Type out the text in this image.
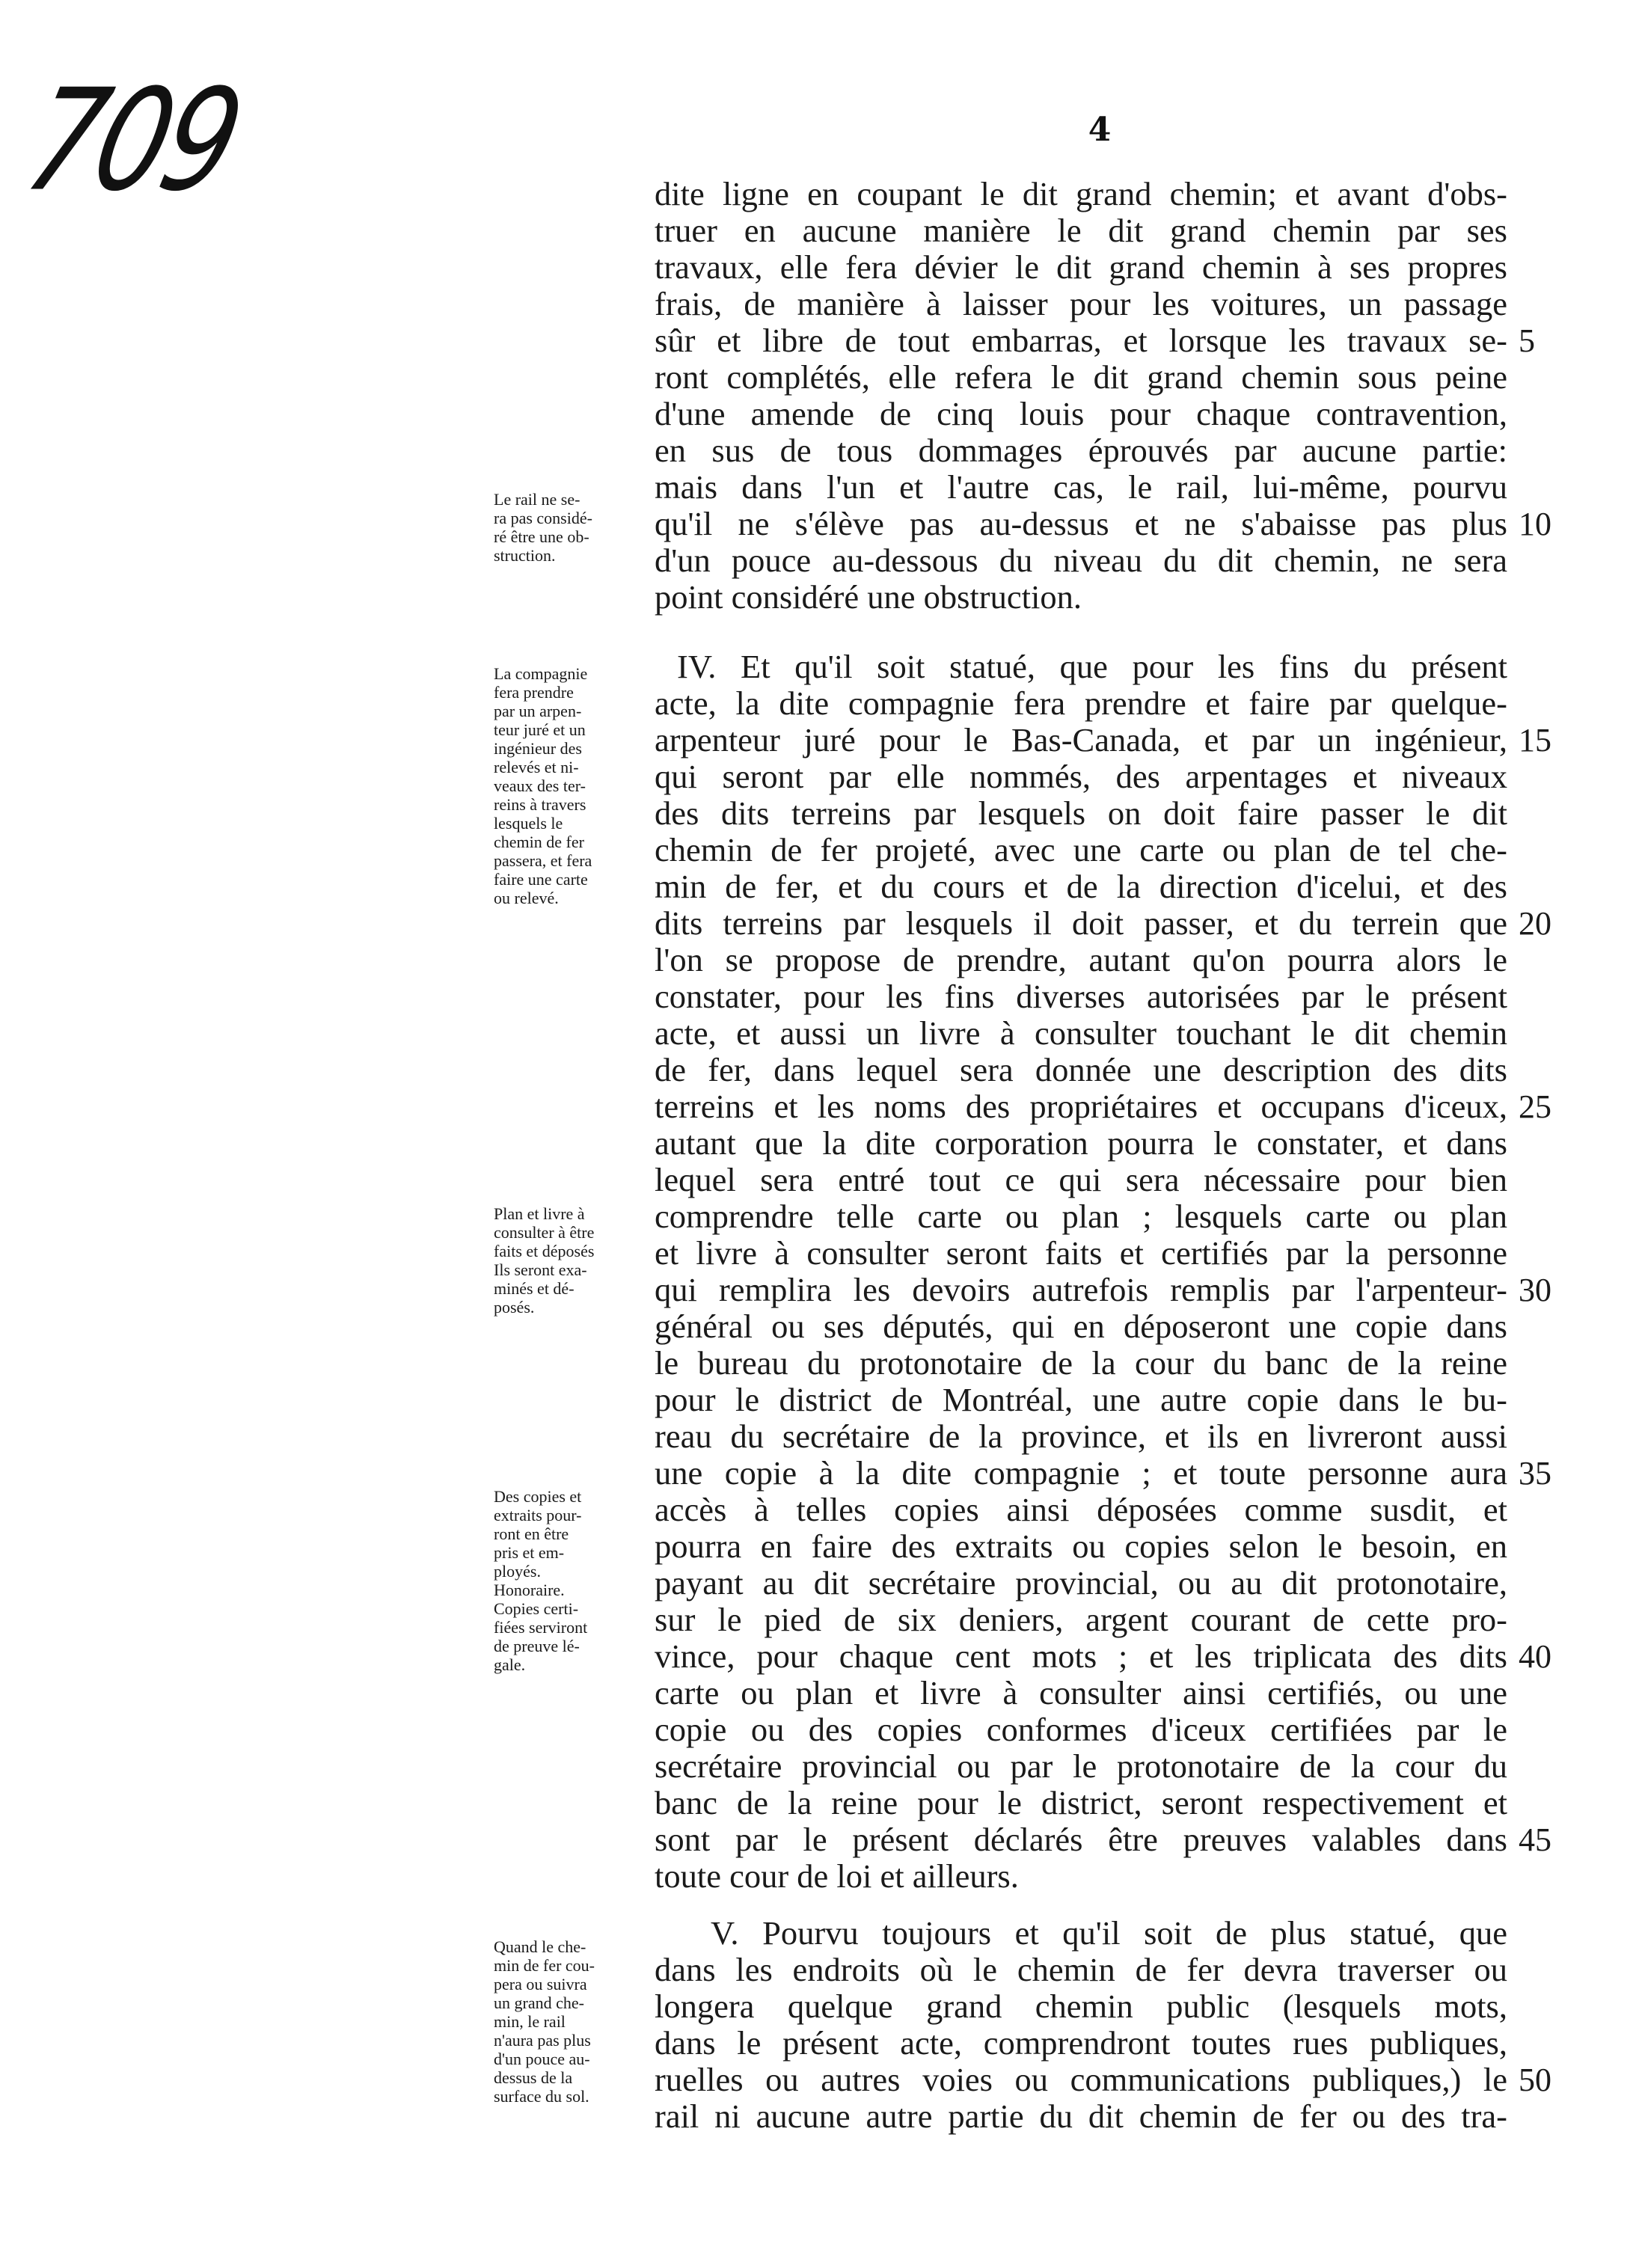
709	4
dite ligne en coupant le dit grand chemin; et avant d'obs-
truer en aucune manière le dit grand chemin par ses
travaux, elle fera dévier le dit grand chemin à ses propres
frais, de manière à laisser pour les voitures, un passage
sûr et libre de tout embarras, et lorsque les travaux se-
ront complétés, elle refera le dit grand chemin sous peine
d'une amende de cinq louis pour chaque contravention,
en sus de tous dommages éprouvés par aucune partie:
mais dans l'un et l'autre cas, le rail, lui-même, pourvu
qu'il ne s'élève pas au-dessus et ne s'abaisse pas plus
d'un pouce au-dessous du niveau du dit chemin, ne sera
point considéré une obstruction.
IV. Et qu'il soit statué, que pour les fins du présent
acte, la dite compagnie fera prendre et faire par quelque-
arpenteur juré pour le Bas-Canada, et par un ingénieur,
qui seront par elle nommés, des arpentages et niveaux
des dits terreins par lesquels on doit faire passer le dit
chemin de fer projeté, avec une carte ou plan de tel che-
min de fer, et du cours et de la direction d'icelui, et des
dits terreins par lesquels il doit passer, et du terrein que
l'on se propose de prendre, autant qu'on pourra alors le
constater, pour les fins diverses autorisées par le présent
acte, et aussi un livre à consulter touchant le dit chemin
de fer, dans lequel sera donnée une description des dits
terreins et les noms des propriétaires et occupans d'iceux,
autant que la dite corporation pourra le constater, et dans
lequel sera entré tout ce qui sera nécessaire pour bien
comprendre telle carte ou plan ; lesquels carte ou plan
et livre à consulter seront faits et certifiés par la personne
qui remplira les devoirs autrefois remplis par l'arpenteur-
général ou ses députés, qui en déposeront une copie dans
le bureau du protonotaire de la cour du banc de la reine
pour le district de Montréal, une autre copie dans le bu-
reau du secrétaire de la province, et ils en livreront aussi
une copie à la dite compagnie ; et toute personne aura
accès à telles copies ainsi déposées comme susdit, et
pourra en faire des extraits ou copies selon le besoin, en
payant au dit secrétaire provincial, ou au dit protonotaire,
sur le pied de six deniers, argent courant de cette pro-
vince, pour chaque cent mots ; et les triplicata des dits
carte ou plan et livre à consulter ainsi certifiés, ou une
copie ou des copies conformes d'iceux certifiées par le
secrétaire provincial ou par le protonotaire de la cour du
banc de la reine pour le district, seront respectivement et
sont par le présent déclarés être preuves valables dans
toute cour de loi et ailleurs.
V. Pourvu toujours et qu'il soit de plus statué, que
dans les endroits où le chemin de fer devra traverser ou
longera quelque grand chemin public (lesquels mots,
dans le présent acte, comprendront toutes rues publiques,
ruelles ou autres voies ou communications publiques,) le
rail ni aucune autre partie du dit chemin de fer ou des tra-
5
10
15
20
25
30
35
40
45
50
Le rail ne se-
ra pas considé-
ré être une ob-
struction.
La compagnie
fera prendre
par un arpen-
teur juré et un
ingénieur des
relevés et ni-
veaux des ter-
reins à travers
lesquels le
chemin de fer
passera, et fera
faire une carte
ou relevé.
Plan et livre à
consulter à être
faits et déposés
Ils seront exa-
minés et dé-
posés.
Des copies et
extraits pour-
ront en être
pris et em-
ployés.
Honoraire.
Copies certi-
fiées serviront
de preuve lé-
gale.
Quand le che-
min de fer cou-
pera ou suivra
un grand che-
min, le rail
n'aura pas plus
d'un pouce au-
dessus de la
surface du sol.
